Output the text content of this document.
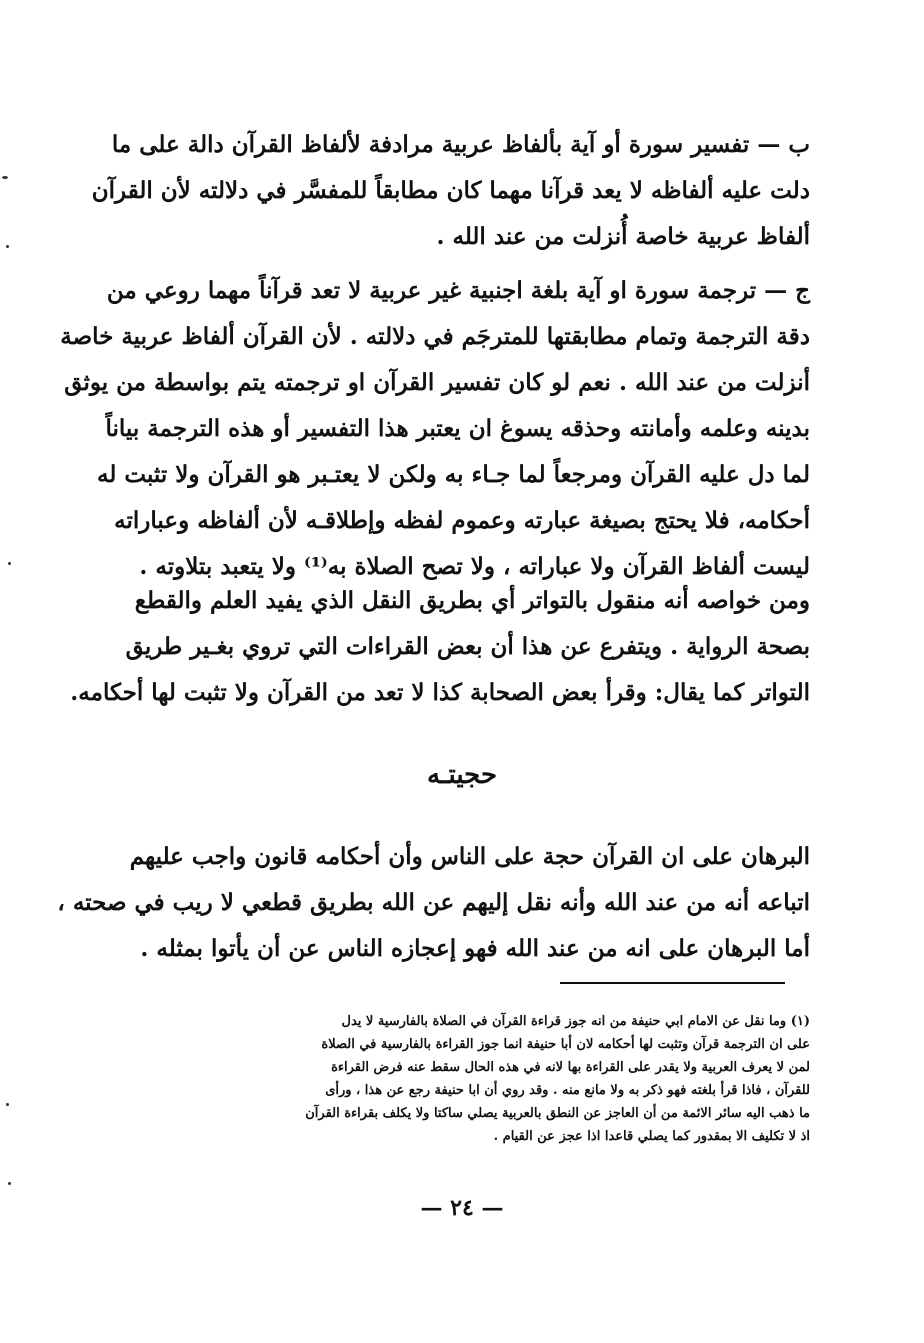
ب — تفسير سورة أو آية بألفاظ عربية مرادفة لألفاظ القرآن دالة على ما
دلت عليه ألفاظه لا يعد قرآنا مهما كان مطابقاً للمفسَّر في دلالته لأن القرآن
ألفاظ عربية خاصة أُنزلت من عند الله .
ج — ترجمة سورة او آية بلغة اجنبية غير عربية لا تعد قرآناً مهما روعي من
دقة الترجمة وتمام مطابقتها للمترجَم في دلالته . لأن القرآن ألفاظ عربية خاصة
أنزلت من عند الله . نعم لو كان تفسير القرآن او ترجمته يتم بواسطة من يوثق
بدينه وعلمه وأمانته وحذقه يسوغ ان يعتبر هذا التفسير أو هذه الترجمة بياناً
لما دل عليه القرآن ومرجعاً لما جـاء به ولكن لا يعتـبر هو القرآن ولا تثبت له
أحكامه، فلا يحتج بصيغة عبارته وعموم لفظه وإطلاقـه لأن ألفاظه وعباراته
ليست ألفاظ القرآن ولا عباراته ، ولا تصح الصلاة به⁽¹⁾ ولا يتعبد بتلاوته .
ومن خواصه أنه منقول بالتواتر أي بطريق النقل الذي يفيد العلم والقطع
بصحة الرواية . ويتفرع عن هذا أن بعض القراءات التي تروي بغـير طريق
التواتر كما يقال: وقرأ بعض الصحابة كذا لا تعد من القرآن ولا تثبت لها أحكامه.
حجيتـه
البرهان على ان القرآن حجة على الناس وأن أحكامه قانون واجب عليهم
اتباعه أنه من عند الله وأنه نقل إليهم عن الله بطريق قطعي لا ريب في صحته ،
أما البرهان على انه من عند الله فهو إعجازه الناس عن أن يأتوا بمثله .
(١) وما نقل عن الامام ابي حنيفة من انه جوز قراءة القرآن في الصلاة بالفارسية لا يدل
على ان الترجمة قرآن وتثبت لها أحكامه لان أبا حنيفة انما جوز القراءة بالفارسية في الصلاة
لمن لا يعرف العربية ولا يقدر على القراءة بها لانه في هذه الحال سقط عنه فرض القراءة
للقرآن ، فاذا قرأ بلغته فهو ذكر به ولا مانع منه . وقد روي أن ابا حنيفة رجع عن هذا ، ورأى
ما ذهب اليه سائر الائمة من أن العاجز عن النطق بالعربية يصلي ساكتا ولا يكلف بقراءة القرآن
اذ لا تكليف الا بمقدور كما يصلي قاعدا اذا عجز عن القيام .
— ٢٤ —
